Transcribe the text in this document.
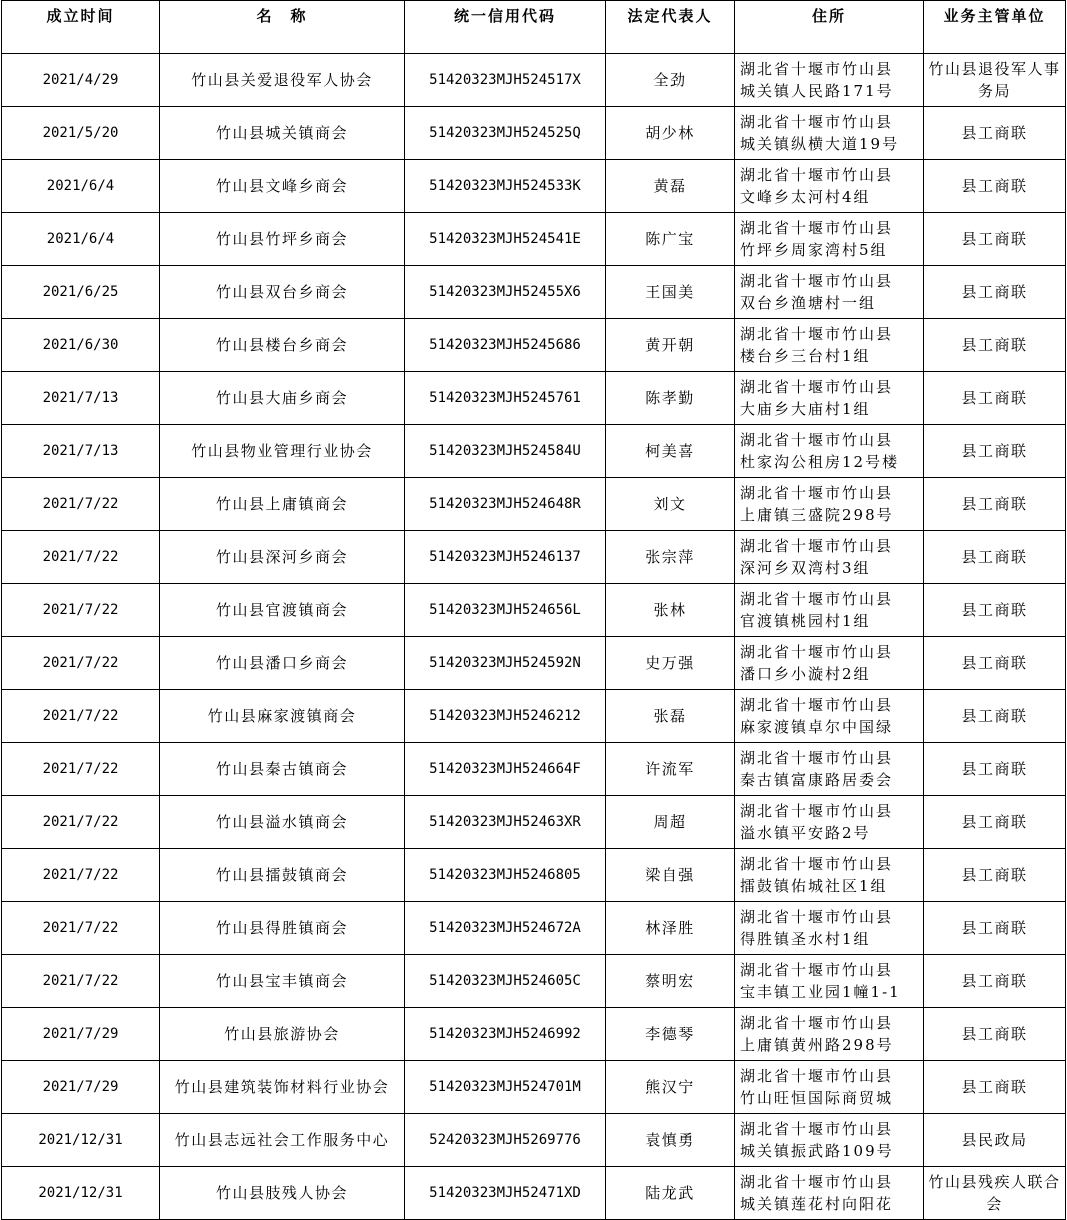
成立时间	名　称	统一信用代码	法定代表人	住所	业务主管单位
2021/4/29	竹山县关爱退役军人协会	51420323MJH524517X	全劲	湖北省十堰市竹山县
城关镇人民路171号	竹山县退役军人事务局
2021/5/20	竹山县城关镇商会	51420323MJH524525Q	胡少林	湖北省十堰市竹山县
城关镇纵横大道19号	县工商联
2021/6/4	竹山县文峰乡商会	51420323MJH524533K	黄磊	湖北省十堰市竹山县
文峰乡太河村4组	县工商联
2021/6/4	竹山县竹坪乡商会	51420323MJH524541E	陈广宝	湖北省十堰市竹山县
竹坪乡周家湾村5组	县工商联
2021/6/25	竹山县双台乡商会	51420323MJH52455X6	王国美	湖北省十堰市竹山县
双台乡渔塘村一组	县工商联
2021/6/30	竹山县楼台乡商会	51420323MJH5245686	黄开朝	湖北省十堰市竹山县
楼台乡三台村1组	县工商联
2021/7/13	竹山县大庙乡商会	51420323MJH5245761	陈孝勤	湖北省十堰市竹山县
大庙乡大庙村1组	县工商联
2021/7/13	竹山县物业管理行业协会	51420323MJH524584U	柯美喜	湖北省十堰市竹山县
杜家沟公租房12号楼	县工商联
2021/7/22	竹山县上庸镇商会	51420323MJH524648R	刘文	湖北省十堰市竹山县
上庸镇三盛院298号	县工商联
2021/7/22	竹山县深河乡商会	51420323MJH5246137	张宗萍	湖北省十堰市竹山县
深河乡双湾村3组	县工商联
2021/7/22	竹山县官渡镇商会	51420323MJH524656L	张林	湖北省十堰市竹山县
官渡镇桃园村1组	县工商联
2021/7/22	竹山县潘口乡商会	51420323MJH524592N	史万强	湖北省十堰市竹山县
潘口乡小漩村2组	县工商联
2021/7/22	竹山县麻家渡镇商会	51420323MJH5246212	张磊	湖北省十堰市竹山县
麻家渡镇卓尔中国绿	县工商联
2021/7/22	竹山县秦古镇商会	51420323MJH524664F	许流军	湖北省十堰市竹山县
秦古镇富康路居委会	县工商联
2021/7/22	竹山县溢水镇商会	51420323MJH52463XR	周超	湖北省十堰市竹山县
溢水镇平安路2号	县工商联
2021/7/22	竹山县擂鼓镇商会	51420323MJH5246805	梁自强	湖北省十堰市竹山县
擂鼓镇佑城社区1组	县工商联
2021/7/22	竹山县得胜镇商会	51420323MJH524672A	林泽胜	湖北省十堰市竹山县
得胜镇圣水村1组	县工商联
2021/7/22	竹山县宝丰镇商会	51420323MJH524605C	蔡明宏	湖北省十堰市竹山县
宝丰镇工业园1幢1-1	县工商联
2021/7/29	竹山县旅游协会	51420323MJH5246992	李德琴	湖北省十堰市竹山县
上庸镇黄州路298号	县工商联
2021/7/29	竹山县建筑装饰材料行业协会	51420323MJH524701M	熊汉宁	湖北省十堰市竹山县
竹山旺恒国际商贸城	县工商联
2021/12/31	竹山县志远社会工作服务中心	52420323MJH5269776	袁慎勇	湖北省十堰市竹山县
城关镇振武路109号	县民政局
2021/12/31	竹山县肢残人协会	51420323MJH52471XD	陆龙武	湖北省十堰市竹山县
城关镇莲花村向阳花	竹山县残疾人联合会
